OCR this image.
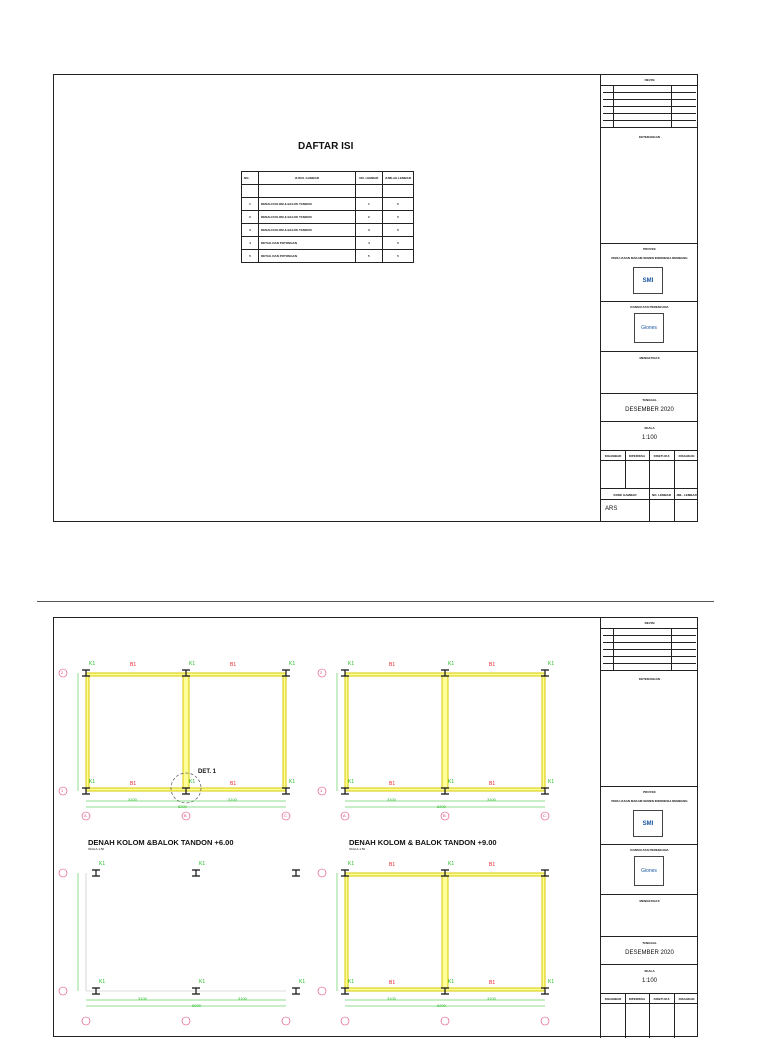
DAFTAR ISI
NO.	JUDUL GAMBAR	NO. LEMBAR	JUMLAH LEMBAR

1	DENAH KOLOM & BALOK TANDON	1	5
2	DENAH KOLOM & BALOK TANDON	2	5
3	DENAH KOLOM & BALOK TANDON	3	5
4	DETAIL DAN POTONGAN	4	5
5	DETAIL DAN POTONGAN	5	5
REVISI
KETERANGAN
PROYEK
PERLUASAN MAKAM SEMEN INDONESIA REMBANG
SMI
KONSULTAN PERENCANA
Giones
MENGETAHUI
TANGGAL
DESEMBER 2020
SKALA
1:100
DIGAMBAR	DIPERIKSA	DISETUJUI	DISAHKAN
KODE GAMBAR	NO. LEMBAR	JML. LEMBAR
ARS
DENAH KOLOM &BALOK TANDON +6.00
SKALA 1:50
DENAH KOLOM & BALOK TANDON +9.00
SKALA 1:50
DET. 1
B1	B1
B1	B1
B1	B1
B1	B1
B1	B1
B1	B1
K1	K1	K1
K1	K1	K1
K1	K1	K1
K1	K1	K1
K1	K1
K1	K1	K1
K1	K1
K1	K1	K1
3100	3100
6200
3100	3100
6200
3100	3100
6200
3100	3100
6200
2
1
2
1
A	B	C	A	B	C
REVISI
KETERANGAN
PROYEK
PERLUASAN MAKAM SEMEN INDONESIA REMBANG
SMI
KONSULTAN PERENCANA
Giones
MENGETAHUI
TANGGAL
DESEMBER 2020
SKALA
1:100
DIGAMBAR	DIPERIKSA	DISETUJUI	DISAHKAN
